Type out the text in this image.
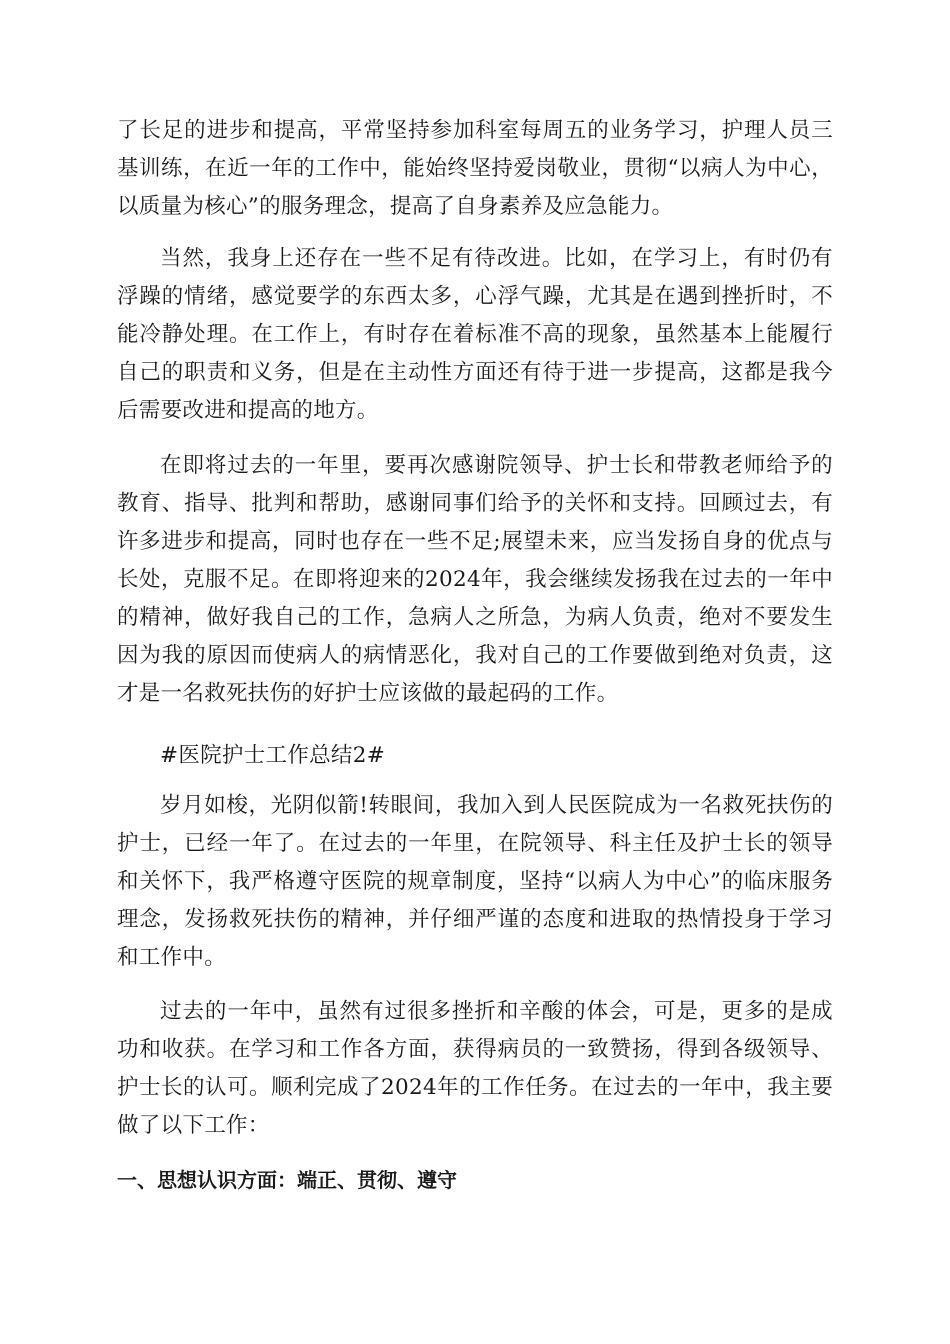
了长足的进步和提高，平常坚持参加科室每周五的业务学习，护理人员三基训练，在近一年的工作中，能始终坚持爱岗敬业，贯彻“以病人为中心，以质量为核心”的服务理念，提高了自身素养及应急能力。

当然，我身上还存在一些不足有待改进。比如，在学习上，有时仍有浮躁的情绪，感觉要学的东西太多，心浮气躁，尤其是在遇到挫折时，不能冷静处理。在工作上，有时存在着标准不高的现象，虽然基本上能履行自己的职责和义务，但是在主动性方面还有待于进一步提高，这都是我今后需要改进和提高的地方。

在即将过去的一年里，要再次感谢院领导、护士长和带教老师给予的教育、指导、批判和帮助，感谢同事们给予的关怀和支持。回顾过去，有许多进步和提高，同时也存在一些不足;展望未来，应当发扬自身的优点与长处，克服不足。在即将迎来的2024年，我会继续发扬我在过去的一年中的精神，做好我自己的工作，急病人之所急，为病人负责，绝对不要发生因为我的原因而使病人的病情恶化，我对自己的工作要做到绝对负责，这才是一名救死扶伤的好护士应该做的最起码的工作。

#医院护士工作总结2#

岁月如梭，光阴似箭!转眼间，我加入到人民医院成为一名救死扶伤的护士，已经一年了。在过去的一年里，在院领导、科主任及护士长的领导和关怀下，我严格遵守医院的规章制度，坚持“以病人为中心”的临床服务理念，发扬救死扶伤的精神，并仔细严谨的态度和进取的热情投身于学习和工作中。

过去的一年中，虽然有过很多挫折和辛酸的体会，可是，更多的是成功和收获。在学习和工作各方面，获得病员的一致赞扬，得到各级领导、护士长的认可。顺利完成了2024年的工作任务。在过去的一年中，我主要做了以下工作：

一、思想认识方面：端正、贯彻、遵守
